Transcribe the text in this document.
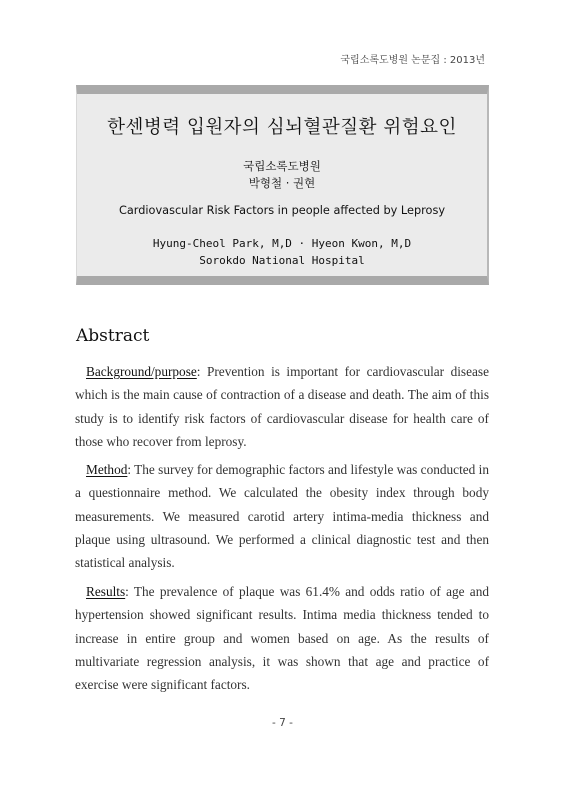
국립소록도병원 논문집 : 2013년
한센병력 입원자의 심뇌혈관질환 위험요인
국립소록도병원
박형철 · 권현
Cardiovascular Risk Factors in people affected by Leprosy
Hyung-Cheol Park, M,D · Hyeon Kwon, M,D
Sorokdo National Hospital
Abstract

Background/purpose: Prevention is important for cardiovascular disease which is the main cause of contraction of a disease and death. The aim of this study is to identify risk factors of cardiovascular disease for health care of those who recover from leprosy.

Method: The survey for demographic factors and lifestyle was conducted in a questionnaire method. We calculated the obesity index through body measurements. We measured carotid artery intima-media thickness and plaque using ultrasound. We performed a clinical diagnostic test and then statistical analysis.

Results: The prevalence of plaque was 61.4% and odds ratio of age and hypertension showed significant results. Intima media thickness tended to increase in entire group and women based on age. As the results of multivariate regression analysis, it was shown that age and practice of exercise were significant factors.

- 7 -
